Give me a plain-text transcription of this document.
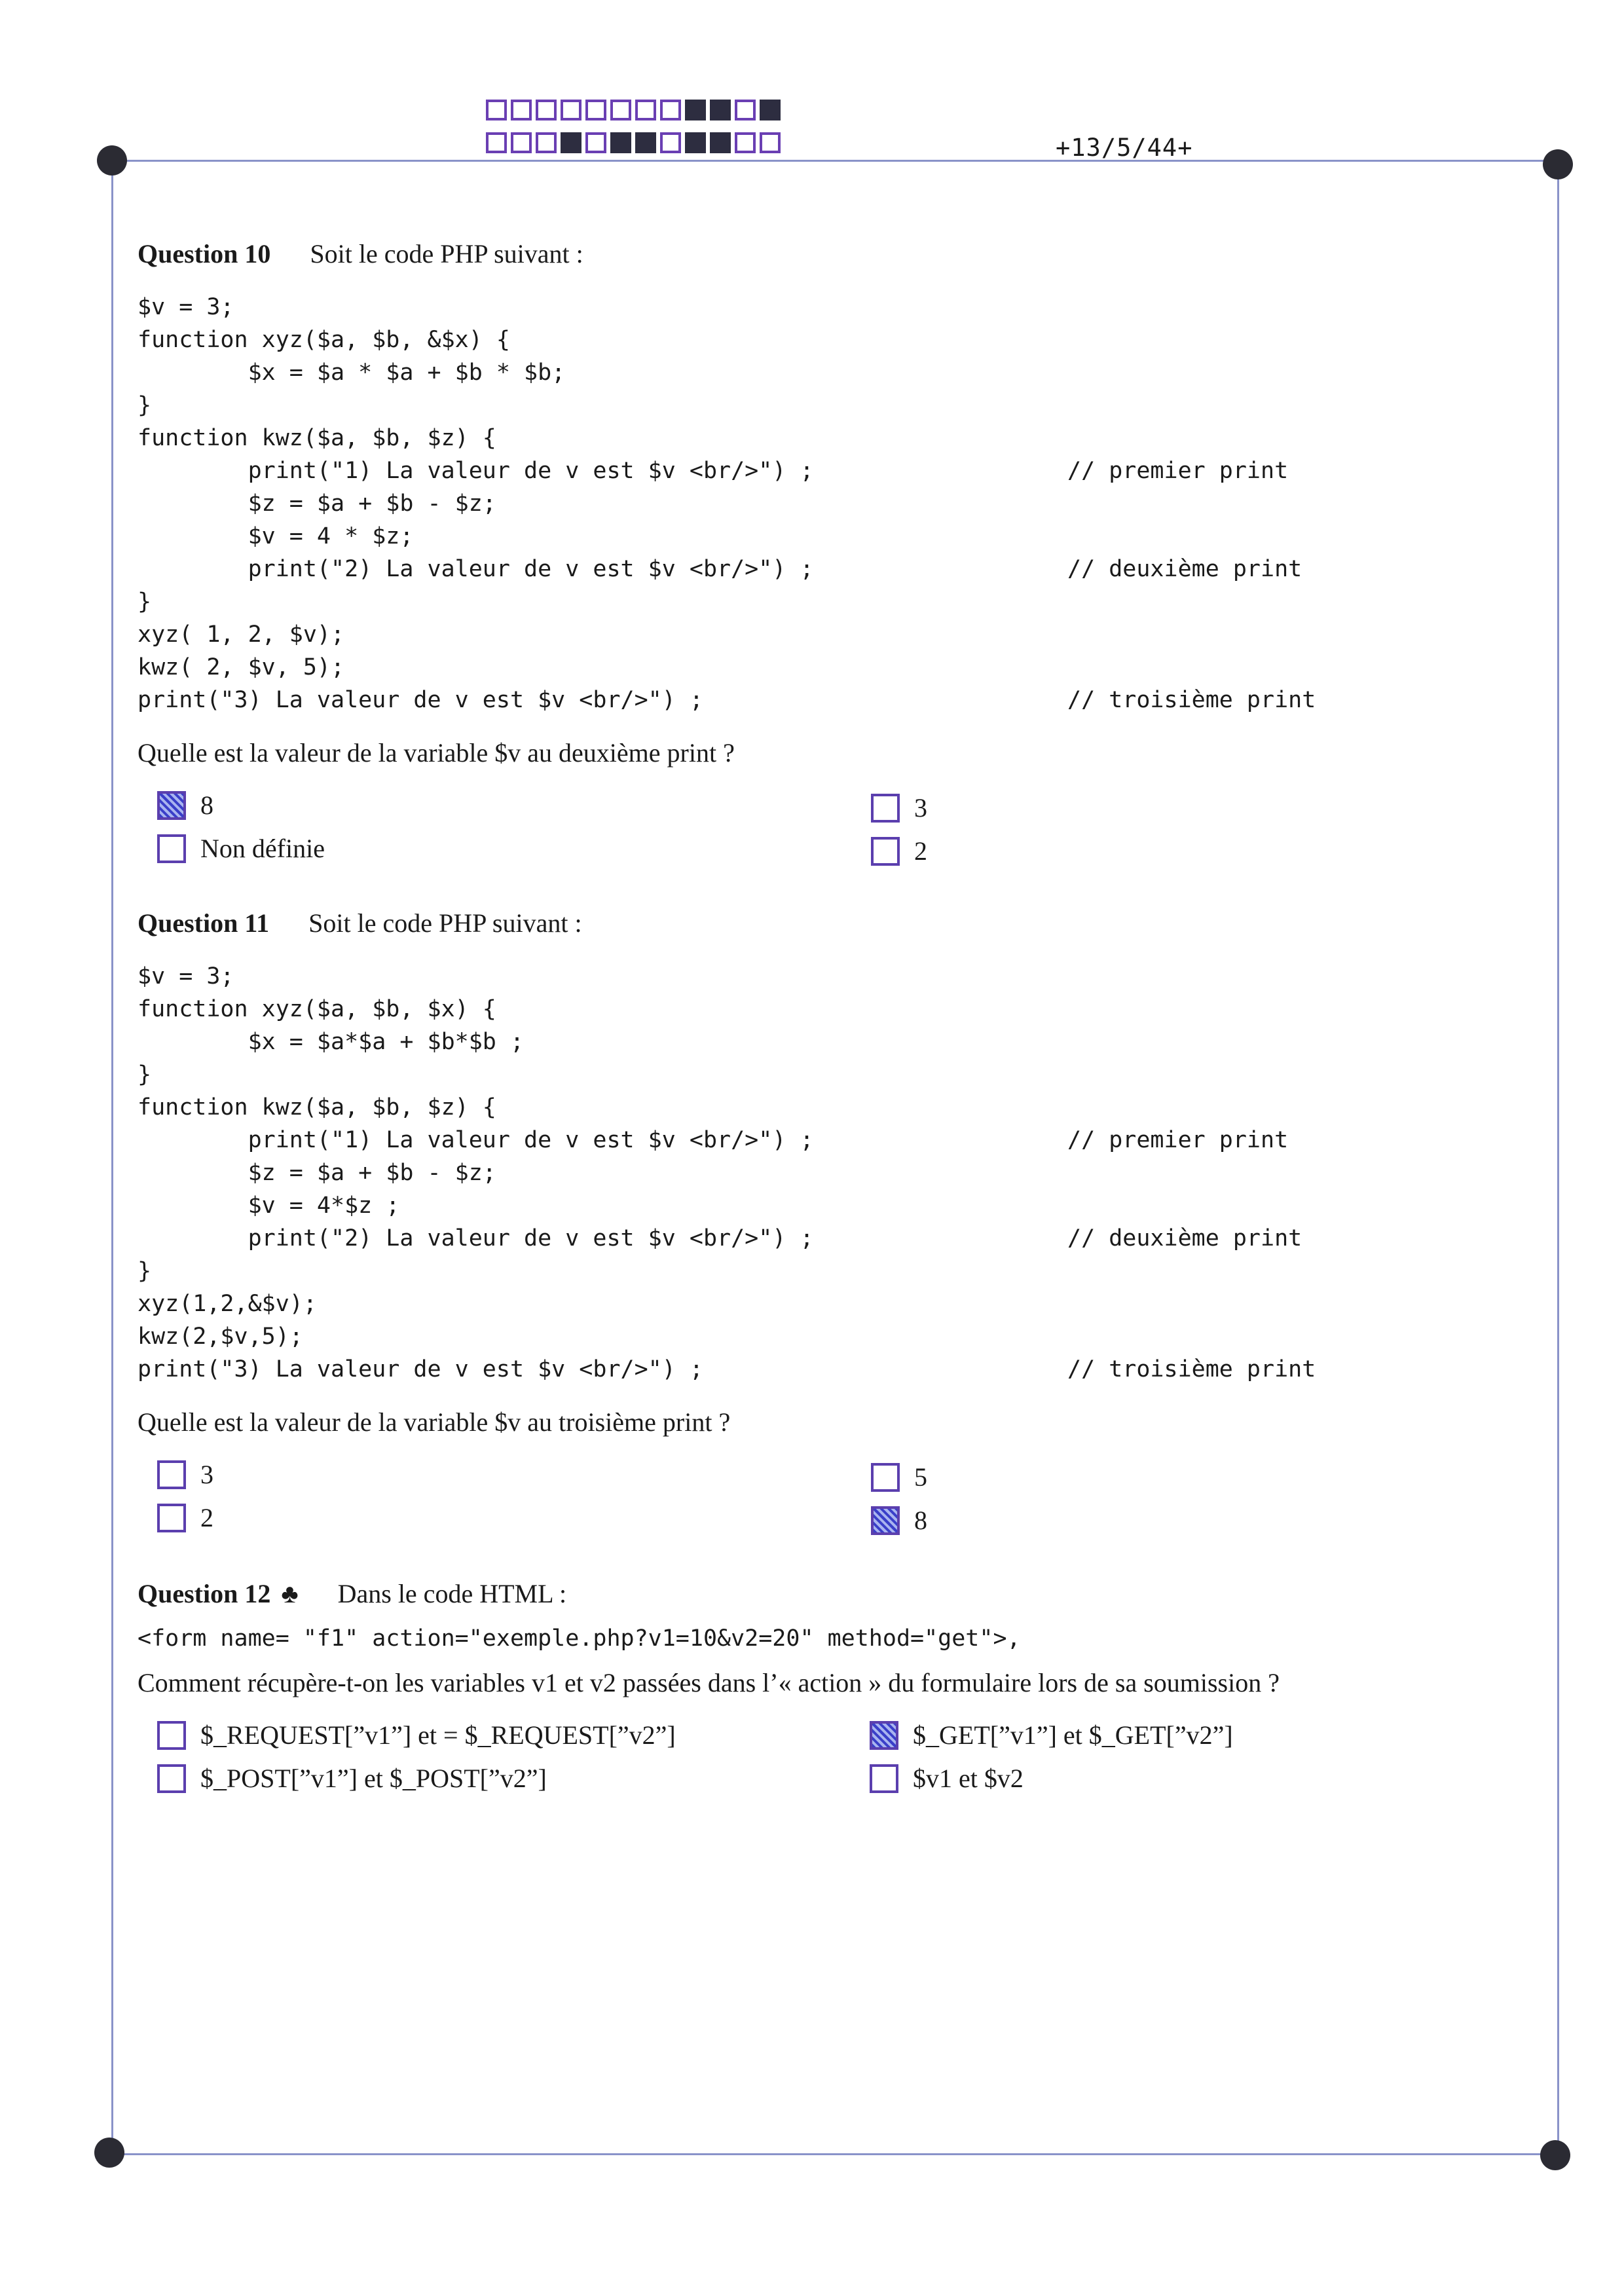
+13/5/44+

Question 10 Soit le code PHP suivant :

$v = 3;
function xyz($a, $b, &$x) {
$x = $a * $a + $b * $b;
}
function kwz($a, $b, $z) {
print("1) La valeur de v est $v <br/>") ;	// premier print
$z = $a + $b - $z;
$v = 4 * $z;
print("2) La valeur de v est $v <br/>") ;	// deuxième print
}
xyz( 1, 2, $v);
kwz( 2, $v, 5);
print("3) La valeur de v est $v <br/>") ;	// troisième print

Quelle est la valeur de la variable $v au deuxième print ?

8	3
Non définie	2

Question 11 Soit le code PHP suivant :

$v = 3;
function xyz($a, $b, $x) {
$x = $a*$a + $b*$b ;
}
function kwz($a, $b, $z) {
print("1) La valeur de v est $v <br/>") ;	// premier print
$z = $a + $b - $z;
$v = 4*$z ;
print("2) La valeur de v est $v <br/>") ;	// deuxième print
}
xyz(1,2,&$v);
kwz(2,$v,5);
print("3) La valeur de v est $v <br/>") ;	// troisième print

Quelle est la valeur de la variable $v au troisième print ?

3	5
2	8

Question 12 ♣ Dans le code HTML :

<form name= "f1" action="exemple.php?v1=10&v2=20" method="get">,

Comment récupère-t-on les variables v1 et v2 passées dans l’« action » du formulaire lors de sa soumission ?

$_REQUEST[”v1”] et = $_REQUEST[”v2”]	$_GET[”v1”] et $_GET[”v2”]
$_POST[”v1”] et $_POST[”v2”]	$v1 et $v2
